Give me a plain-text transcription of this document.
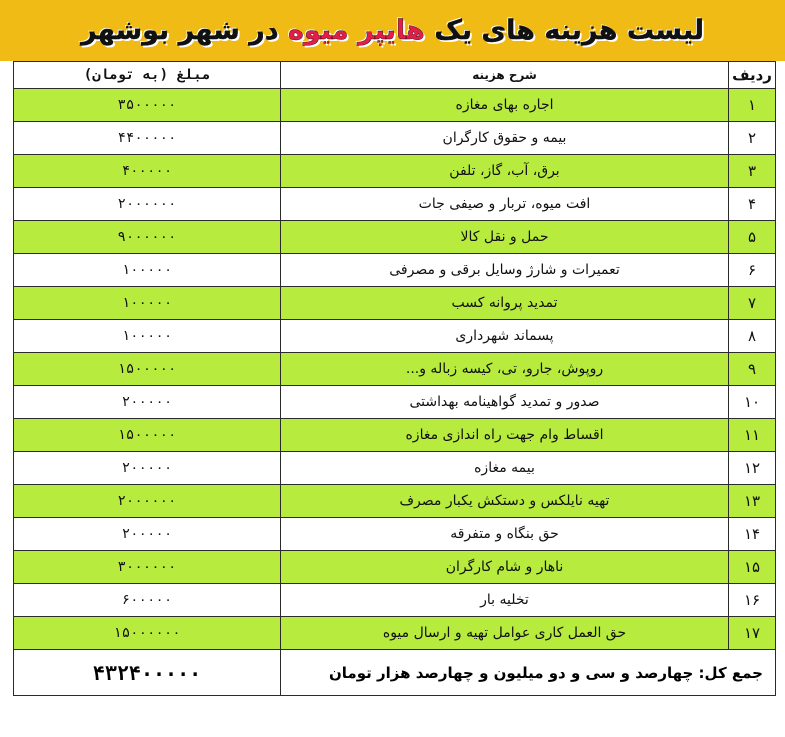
لیست هزینه های یک هایپر میوه در شهر بوشهر
ردیف	شرح هزینه	مبلغ (به تومان)
۱	اجاره بهای مغازه	۳۵۰۰۰۰۰
۲	بیمه و حقوق کارگران	۴۴۰۰۰۰۰
۳	برق، آب، گاز، تلفن	۴۰۰۰۰۰
۴	افت میوه، تربار و صیفی جات	۲۰۰۰۰۰۰
۵	حمل و نقل کالا	۹۰۰۰۰۰۰
۶	تعمیرات و شارژ وسایل برقی و مصرفی	۱۰۰۰۰۰
۷	تمدید پروانه کسب	۱۰۰۰۰۰
۸	پسماند شهرداری	۱۰۰۰۰۰
۹	روپوش، جارو، تی، کیسه زباله و...	۱۵۰۰۰۰۰
۱۰	صدور و تمدید گواهینامه بهداشتی	۲۰۰۰۰۰
۱۱	اقساط وام جهت راه اندازی مغازه	۱۵۰۰۰۰۰
۱۲	بیمه مغازه	۲۰۰۰۰۰
۱۳	تهیه نایلکس و دستکش یکبار مصرف	۲۰۰۰۰۰۰
۱۴	حق بنگاه و متفرقه	۲۰۰۰۰۰
۱۵	ناهار و شام کارگران	۳۰۰۰۰۰۰
۱۶	تخلیه بار	۶۰۰۰۰۰
۱۷	حق العمل کاری عوامل تهیه و ارسال میوه	۱۵۰۰۰۰۰۰
جمع کل: چهارصد و سی و دو میلیون و چهارصد هزار تومان		۴۳۲۴۰۰۰۰۰
